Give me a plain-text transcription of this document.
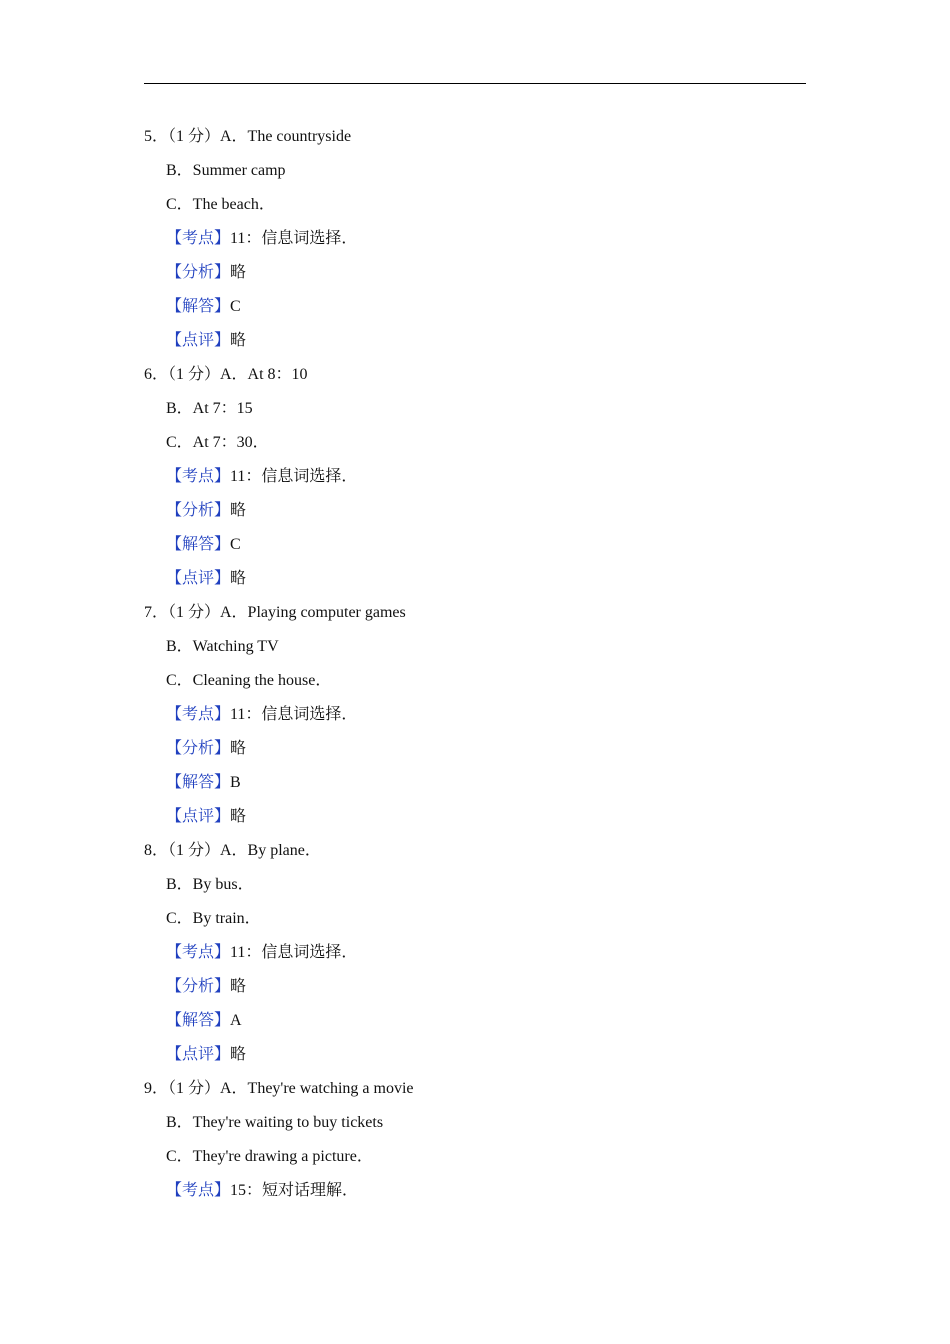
5．（1 分）A．The countryside
B．Summer camp
C．The beach．
【考点】11：信息词选择．
【分析】略
【解答】C
【点评】略
6．（1 分）A．At 8：10
B．At 7：15
C．At 7：30．
【考点】11：信息词选择．
【分析】略
【解答】C
【点评】略
7．（1 分）A．Playing computer games
B．Watching TV
C．Cleaning the house．
【考点】11：信息词选择．
【分析】略
【解答】B
【点评】略
8．（1 分）A．By plane．
B．By bus．
C．By train．
【考点】11：信息词选择．
【分析】略
【解答】A
【点评】略
9．（1 分）A．They're watching a movie
B．They're waiting to buy tickets
C．They're drawing a picture．
【考点】15：短对话理解．
